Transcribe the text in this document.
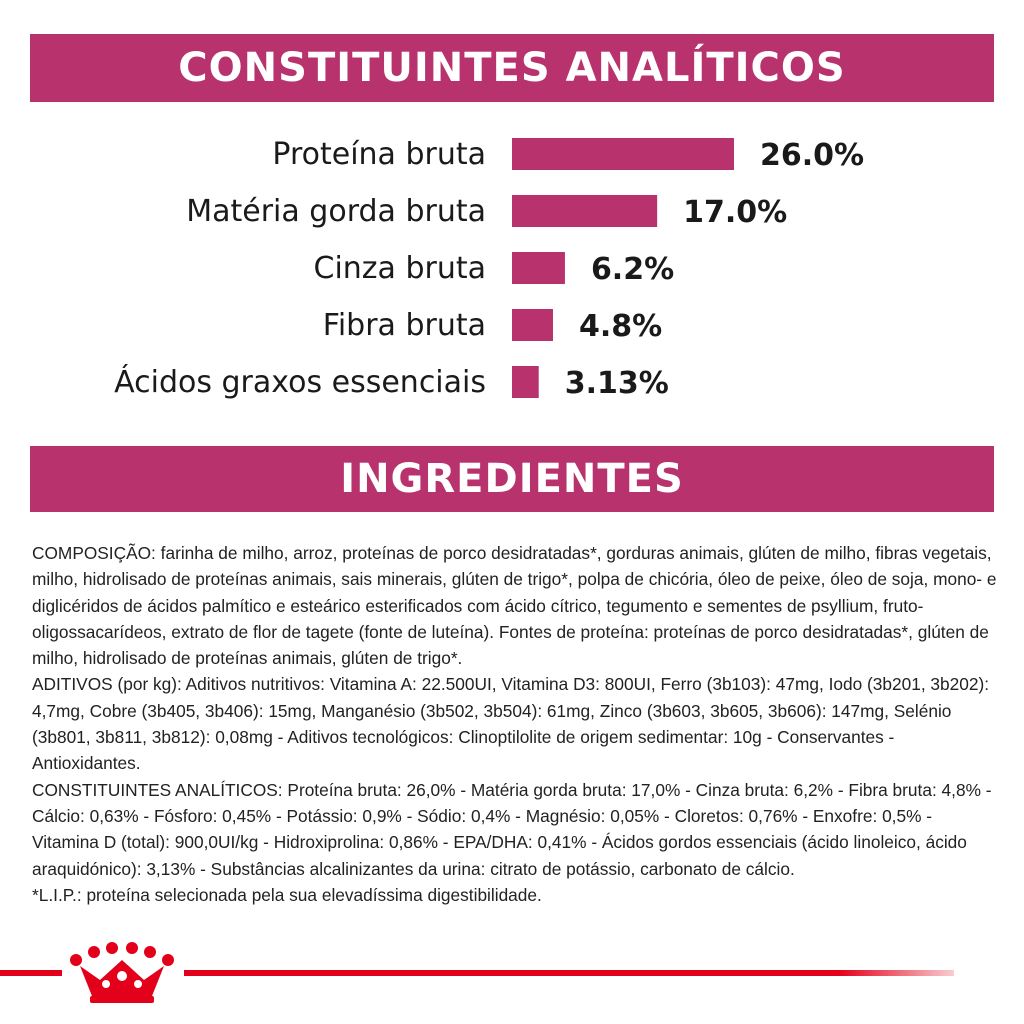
CONSTITUINTES ANALÍTICOS
Proteína bruta	26.0%
Matéria gorda bruta	17.0%
Cinza bruta	6.2%
Fibra bruta	4.8%
Ácidos graxos essenciais	3.13%
INGREDIENTES

COMPOSIÇÃO: farinha de milho, arroz, proteínas de porco desidratadas*, gorduras animais, glúten de milho, fibras vegetais, milho, hidrolisado de proteínas animais, sais minerais, glúten de trigo*, polpa de chicória, óleo de peixe, óleo de soja, mono- e diglicéridos de ácidos palmítico e esteárico esterificados com ácido cítrico, tegumento e sementes de psyllium, fruto-oligossacarídeos, extrato de flor de tagete (fonte de luteína). Fontes de proteína: proteínas de porco desidratadas*, glúten de milho, hidrolisado de proteínas animais, glúten de trigo*.

ADITIVOS (por kg): Aditivos nutritivos: Vitamina A: 22.500UI, Vitamina D3: 800UI, Ferro (3b103): 47mg, Iodo (3b201, 3b202): 4,7mg, Cobre (3b405, 3b406): 15mg, Manganésio (3b502, 3b504): 61mg, Zinco (3b603, 3b605, 3b606): 147mg, Selénio (3b801, 3b811, 3b812): 0,08mg - Aditivos tecnológicos: Clinoptilolite de origem sedimentar: 10g - Conservantes - Antioxidantes.

CONSTITUINTES ANALÍTICOS: Proteína bruta: 26,0% - Matéria gorda bruta: 17,0% - Cinza bruta: 6,2% - Fibra bruta: 4,8% - Cálcio: 0,63% - Fósforo: 0,45% - Potássio: 0,9% - Sódio: 0,4% - Magnésio: 0,05% - Cloretos: 0,76% - Enxofre: 0,5% - Vitamina D (total): 900,0UI/kg - Hidroxiprolina: 0,86% - EPA/DHA: 0,41% - Ácidos gordos essenciais (ácido linoleico, ácido araquidónico): 3,13% - Substâncias alcalinizantes da urina: citrato de potássio, carbonato de cálcio.

*L.I.P.: proteína selecionada pela sua elevadíssima digestibilidade.
